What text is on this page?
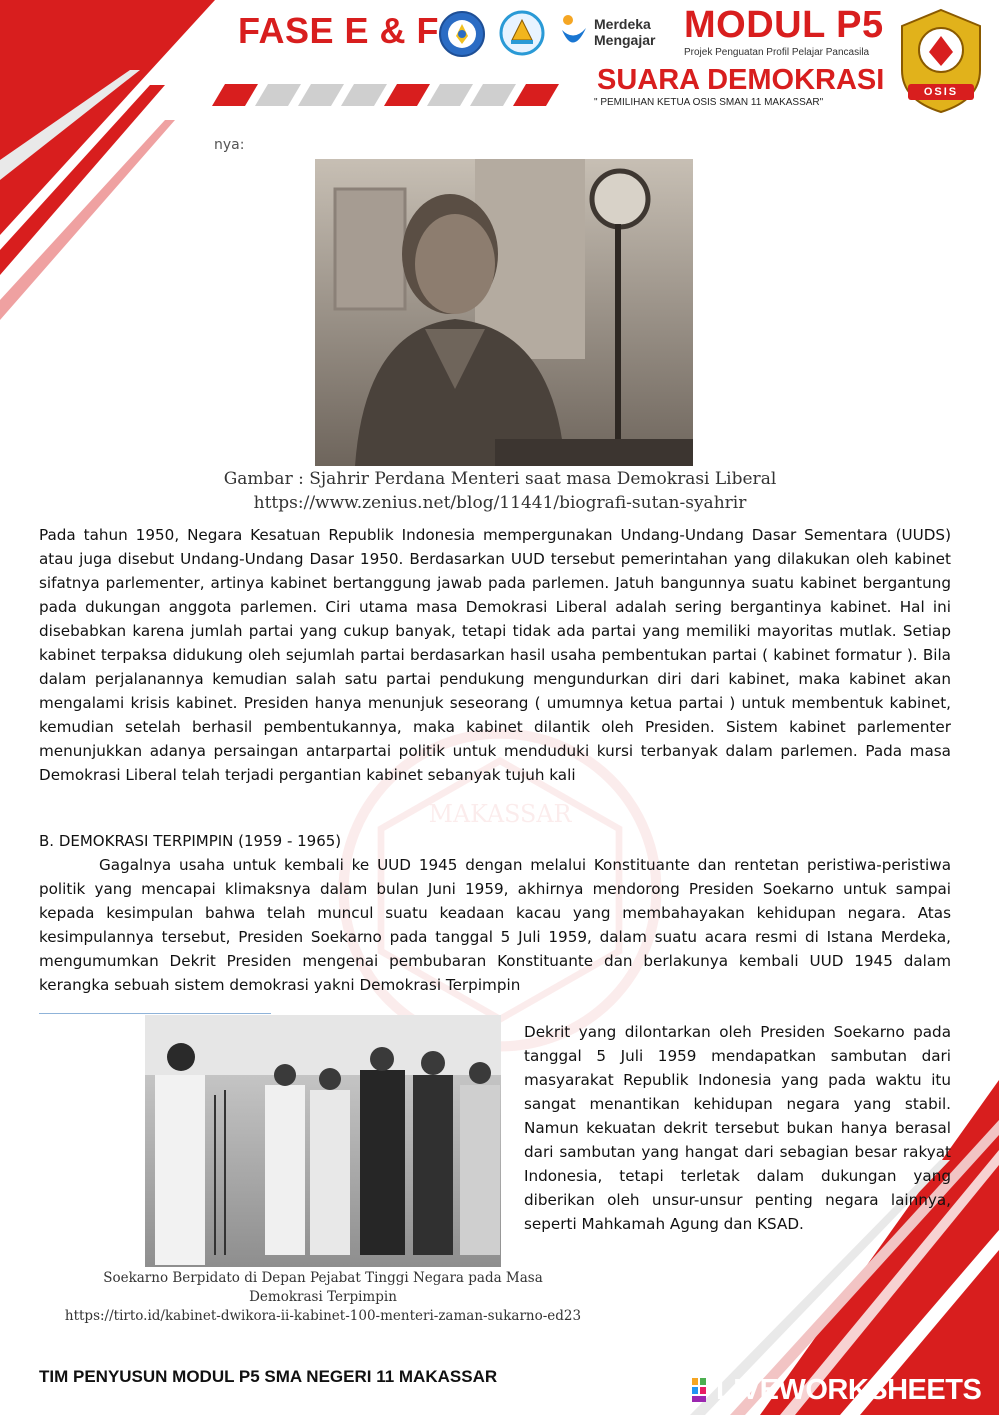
MAKASSAR
FASE E & F	Merdeka
Mengajar MODUL P5
Projek Penguatan Profil Pelajar Pancasila
SUARA DEMOKRASI
" PEMILIHAN KETUA OSIS SMAN 11 MAKASSAR"
OSIS
nya:
Gambar : Sjahrir Perdana Menteri saat masa Demokrasi Liberal
https://www.zenius.net/blog/11441/biografi-sutan-syahrir

Pada tahun 1950, Negara Kesatuan Republik Indonesia mempergunakan Undang‑Undang Dasar Sementara (UUDS) atau juga disebut Undang-Undang Dasar 1950. Berdasarkan UUD tersebut pemerintahan yang dilakukan oleh kabinet sifatnya parlementer, artinya kabinet bertanggung jawab pada parlemen. Jatuh bangunnya suatu kabinet bergantung pada dukungan anggota parlemen. Ciri utama masa Demokrasi Liberal adalah sering bergantinya kabinet. Hal ini disebabkan karena jumlah partai yang cukup banyak, tetapi tidak ada partai yang memiliki mayoritas mutlak. Setiap kabinet terpaksa didukung oleh sejumlah partai berdasarkan hasil usaha pembentukan partai ( kabinet formatur ). Bila dalam perjalanannya kemudian salah satu partai pendukung mengundurkan diri dari kabinet, maka kabinet akan mengalami krisis kabinet. Presiden hanya menunjuk seseorang ( umumnya ketua partai ) untuk membentuk kabinet, kemudian setelah berhasil pembentukannya, maka kabinet dilantik oleh Presiden. Sistem kabinet parlementer menunjukkan adanya persaingan antarpartai politik untuk menduduki kursi terbanyak dalam parlemen. Pada masa Demokrasi Liberal telah terjadi pergantian kabinet sebanyak tujuh kali

B. DEMOKRASI TERPIMPIN (1959 - 1965)

Gagalnya usaha untuk kembali ke UUD 1945 dengan melalui Konstituante dan rentetan peristiwa-peristiwa politik yang mencapai klimaksnya dalam bulan Juni 1959, akhirnya mendorong Presiden Soekarno untuk sampai kepada kesimpulan bahwa telah muncul suatu keadaan kacau yang membahayakan kehidupan negara. Atas kesimpulannya tersebut, Presiden Soekarno pada tanggal 5 Juli 1959, dalam suatu acara resmi di Istana Merdeka, mengumumkan Dekrit Presiden mengenai pembubaran Konstituante dan berlakunya kembali UUD 1945 dalam kerangka sebuah sistem demokrasi yakni Demokrasi Terpimpin

Soekarno Berpidato di Depan Pejabat Tinggi Negara pada Masa
Demokrasi Terpimpin
https://tirto.id/kabinet-dwikora-ii-kabinet-100-menteri-zaman-sukarno-ed23

Dekrit yang dilontarkan oleh Presiden Soekarno pada tanggal 5 Juli 1959 mendapatkan sambutan dari masyarakat Republik Indonesia yang pada waktu itu sangat menantikan kehidupan negara yang stabil. Namun kekuatan dekrit tersebut bukan hanya berasal dari sambutan yang hangat dari sebagian besar rakyat Indonesia, tetapi terletak dalam dukungan yang diberikan oleh unsur-unsur penting negara lainnya, seperti Mahkamah Agung dan KSAD.

TIM PENYUSUN MODUL P5 SMA NEGERI 11 MAKASSAR	LIVEWORKSHEETS
